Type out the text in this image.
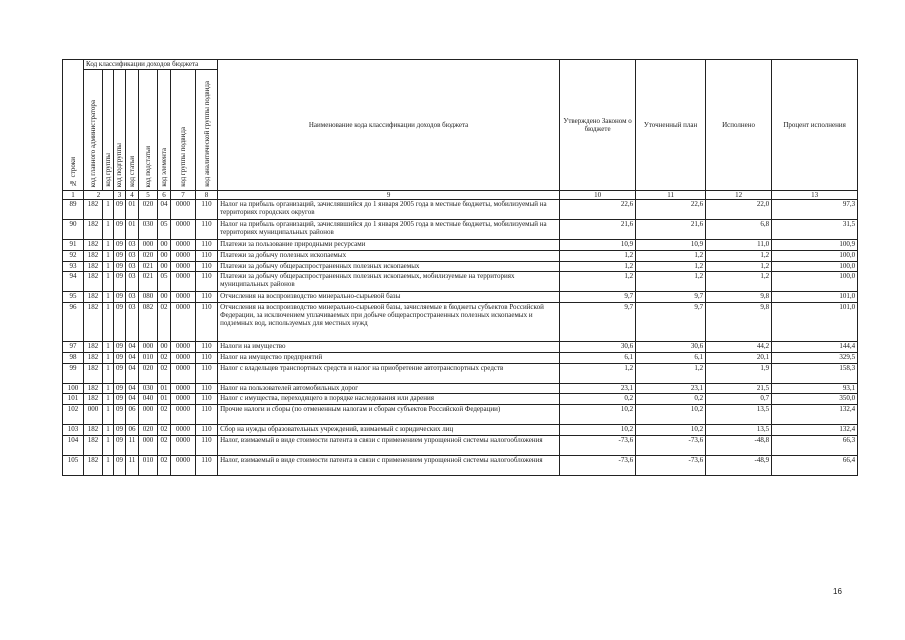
№ строки	Код классификации доходов бюджета								Наименование кода классификации доходов бюджета	Утверждено Законом о бюджете	Уточненный план	Исполнено	Процент исполнения

	код главного администратора	код группы	код подгруппы	код статьи	код подстатьи	код элемента	код группы подвида	код аналитической группы подвида					

1	2		3	4	5	6	7	8	9	10	11	12	13
89	182	1	09	01	020	04	0000	110	Налог на прибыль организаций, зачислявшийся до 1 января 2005 года в местные бюджеты, мобилизуемый на территориях городских округов	22,6	22,6	22,0	97,3
90	182	1	09	01	030	05	0000	110	Налог на прибыль организаций, зачислявшийся до 1 января 2005 года в местные бюджеты, мобилизуемый на территориях муниципальных районов	21,6	21,6	6,8	31,5
91	182	1	09	03	000	00	0000	110	Платежи за пользование природными ресурсами	10,9	10,9	11,0	100,9
92	182	1	09	03	020	00	0000	110	Платежи за добычу полезных ископаемых	1,2	1,2	1,2	100,0
93	182	1	09	03	021	00	0000	110	Платежи за добычу общераспространенных полезных ископаемых	1,2	1,2	1,2	100,0
94	182	1	09	03	021	05	0000	110	Платежи за добычу общераспространенных полезных ископаемых, мобилизуемые на территориях муниципальных районов	1,2	1,2	1,2	100,0
95	182	1	09	03	080	00	0000	110	Отчисления на воспроизводство минерально-сырьевой базы	9,7	9,7	9,8	101,0
96	182	1	09	03	082	02	0000	110	Отчисления на воспроизводство минерально-сырьевой базы, зачисляемые в бюджеты субъектов Российской Федерации, за исключением уплачиваемых при добыче общераспространенных полезных ископаемых и подземных вод, используемых для местных нужд	9,7	9,7	9,8	101,0
97	182	1	09	04	000	00	0000	110	Налоги на имущество	30,6	30,6	44,2	144,4
98	182	1	09	04	010	02	0000	110	Налог на имущество предприятий	6,1	6,1	20,1	329,5
99	182	1	09	04	020	02	0000	110	Налог с владельцев транспортных средств и налог на приобретение автотранспортных средств	1,2	1,2	1,9	158,3
100	182	1	09	04	030	01	0000	110	Налог на пользователей автомобильных дорог	23,1	23,1	21,5	93,1
101	182	1	09	04	040	01	0000	110	Налог с имущества, переходящего в порядке наследования или дарения	0,2	0,2	0,7	350,0
102	000	1	09	06	000	02	0000	110	Прочие налоги и сборы (по отмененным налогам и сборам субъектов Российской Федерации)	10,2	10,2	13,5	132,4
103	182	1	09	06	020	02	0000	110	Сбор на нужды образовательных учреждений, взимаемый с юридических лиц	10,2	10,2	13,5	132,4
104	182	1	09	11	000	02	0000	110	Налог, взимаемый в виде стоимости патента в связи с применением упрощенной системы налогообложения	-73,6	-73,6	-48,8	66,3
105	182	1	09	11	010	02	0000	110	Налог, взимаемый в виде стоимости патента в связи с применением упрощенной системы налогообложения	-73,6	-73,6	-48,9	66,4
16
